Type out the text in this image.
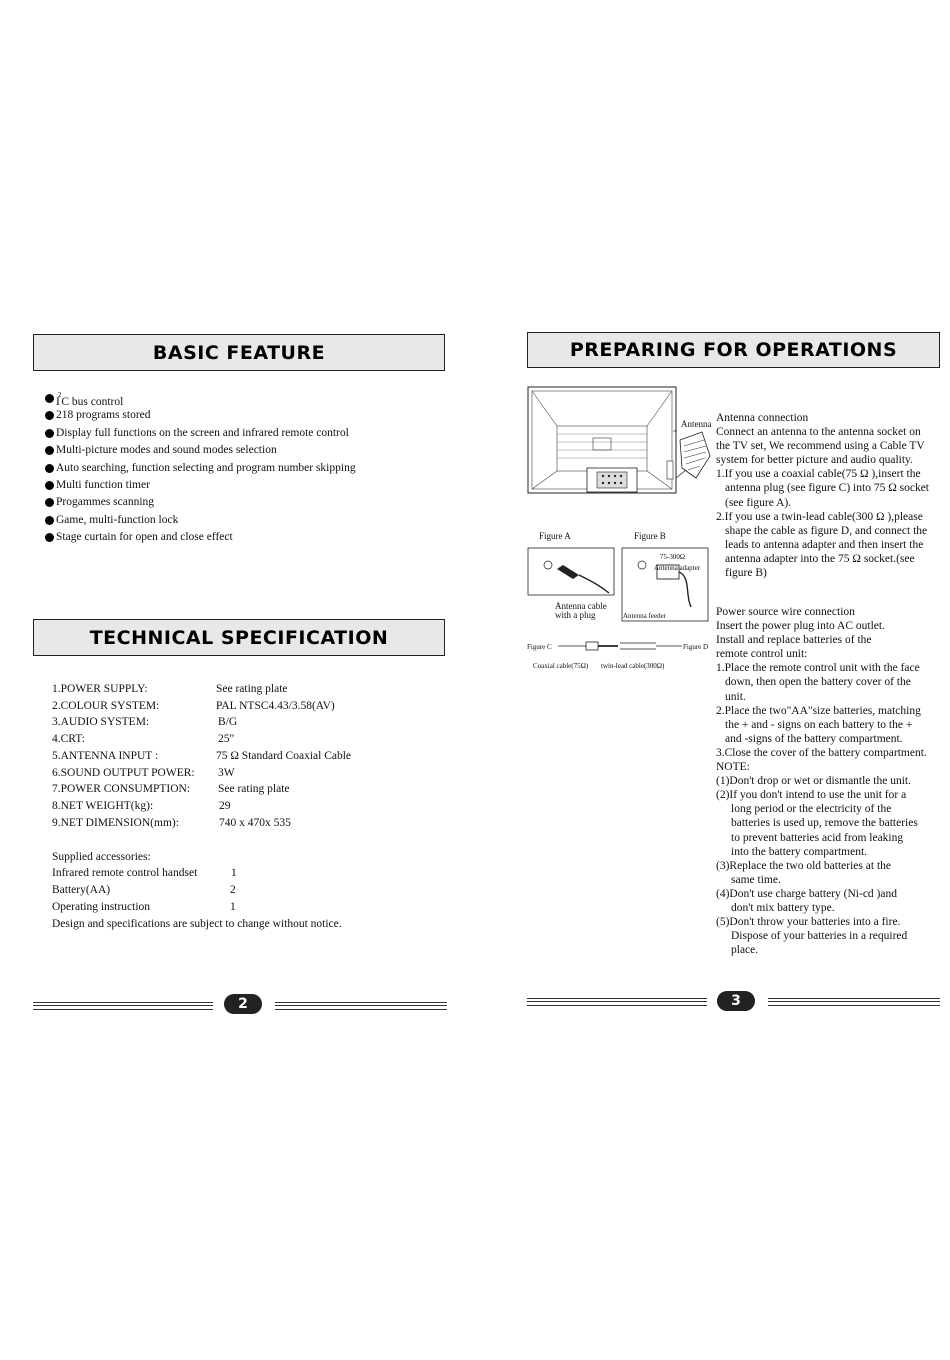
BASIC FEATURE
$I^2C$ bus control
218 programs stored
Display full functions on the screen and infrared remote control
Multi-picture modes and sound modes selection
Auto searching, function selecting and program number skipping
Multi function timer
Progammes scanning
Game, multi-function lock
Stage curtain for open and close effect
TECHNICAL SPECIFICATION
1.POWER SUPPLY:	See rating plate
2.COLOUR SYSTEM:	PAL NTSC4.43/3.58(AV)
3.AUDIO SYSTEM:	B/G
4.CRT:	25"
5.ANTENNA INPUT :	75 Ω Standard Coaxial Cable
6.SOUND OUTPUT POWER: 3W
7.POWER CONSUMPTION: See rating plate
8.NET WEIGHT(kg):	29
9.NET DIMENSION(mm):	740 x 470x 535
Supplied accessories:
Infrared remote control handset	1
Battery(AA)	2
Operating instruction	1
Design and specifications are subject to change without notice.
2
PREPARING FOR OPERATIONS
Antenna
Figure A
Antenna cable
with a plug
Figure B
75-300Ω
Antenna adapter
Antenna feeder
Figure C	Figure D
Coaxial cable(75Ω) twin-lead cable(300Ω)
Antenna connection
Connect an antenna to the antenna socket on
the TV set, We recommend using a Cable TV
system for better picture and audio quality.
1.If you use a coaxial cable(75 Ω ),insert the
antenna plug (see figure C) into 75 Ω socket
(see figure A).
2.If you use a twin-lead cable(300 Ω ),please
shape the cable as figure D, and connect the
leads to antenna adapter and then insert the
antenna adapter into the 75 Ω socket.(see
figure B)
Power source wire connection
Insert the power plug into AC outlet.
Install and replace batteries of the
remote control unit:
1.Place the remote control unit with the face
down, then open the battery cover of the
unit.
2.Place the two"AA"size batteries, matching
the + and - signs on each battery to the +
and -signs of the battery compartment.
3.Close the cover of the battery compartment.
NOTE:
(1)Don't drop or wet or dismantle the unit.
(2)If you don't intend to use the unit for a
long period or the electricity of the
batteries is used up, remove the batteries
to prevent batteries acid from leaking
into the battery compartment.
(3)Replace the two old batteries at the
same time.
(4)Don't use charge battery (Ni-cd )and
don't mix battery type.
(5)Don't throw your batteries into a fire.
Dispose of your batteries in a required
place.
3
